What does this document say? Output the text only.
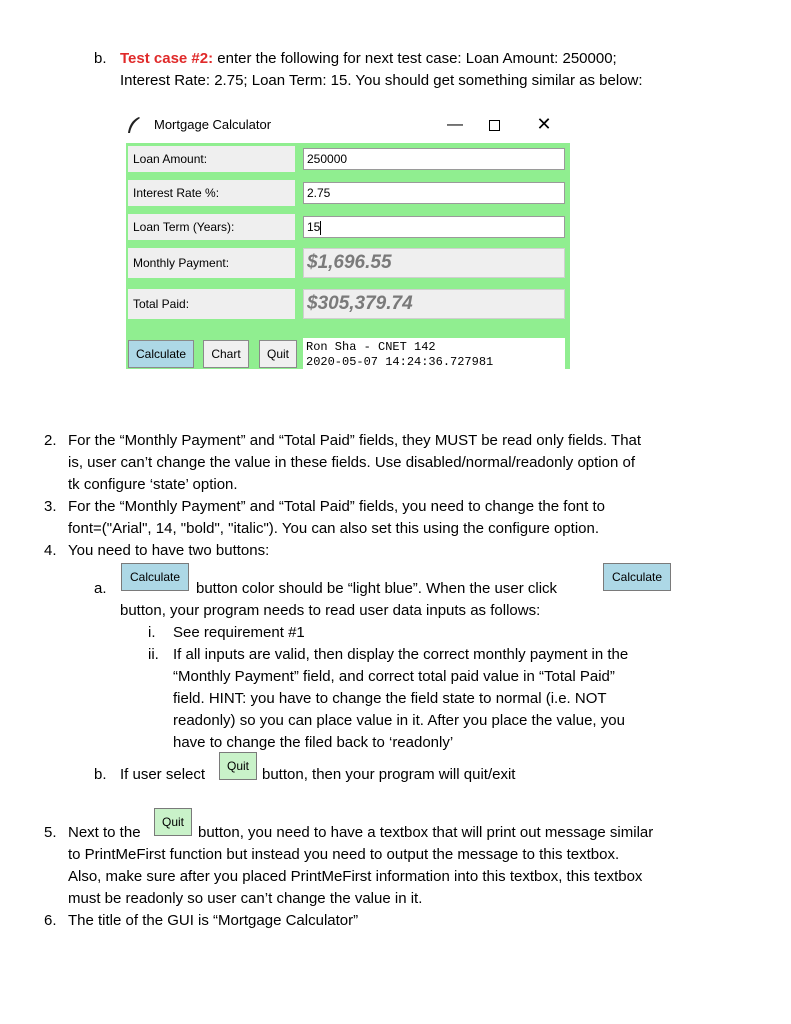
b. Test case #2: enter the following for next test case: Loan Amount: 250000;
Interest Rate: 2.75; Loan Term: 15. You should get something similar as below:
Mortgage Calculator	—	✕
Loan Amount:	250000
Interest Rate %:	2.75
Loan Term (Years):	15
Monthly Payment:	$1,696.55
Total Paid:	$305,379.74
Calculate	Chart	Quit	Ron Sha - CNET 142
2020-05-07 14:24:36.727981
2. For the “Monthly Payment” and “Total Paid” fields, they MUST be read only fields. That
is, user can’t change the value in these fields. Use disabled/normal/readonly option of
tk configure ‘state’ option.
3. For the “Monthly Payment” and “Total Paid” fields, you need to change the font to
font=("Arial", 14, "bold", "italic"). You can also set this using the configure option.
4. You need to have two buttons:
a.
Calculate
button color should be “light blue”. When the user click
Calculate
button, your program needs to read user data inputs as follows:
i. See requirement #1
ii. If all inputs are valid, then display the correct monthly payment in the
“Monthly Payment” field, and correct total paid value in “Total Paid”
field. HINT: you have to change the field state to normal (i.e. NOT
readonly) so you can place value in it. After you place the value, you
have to change the filed back to ‘readonly’
b. If user select	Quit button, then your program will quit/exit
5. Next to the
Quit
button, you need to have a textbox that will print out message similar
to PrintMeFirst function but instead you need to output the message to this textbox.
Also, make sure after you placed PrintMeFirst information into this textbox, this textbox
must be readonly so user can’t change the value in it.
6. The title of the GUI is “Mortgage Calculator”
